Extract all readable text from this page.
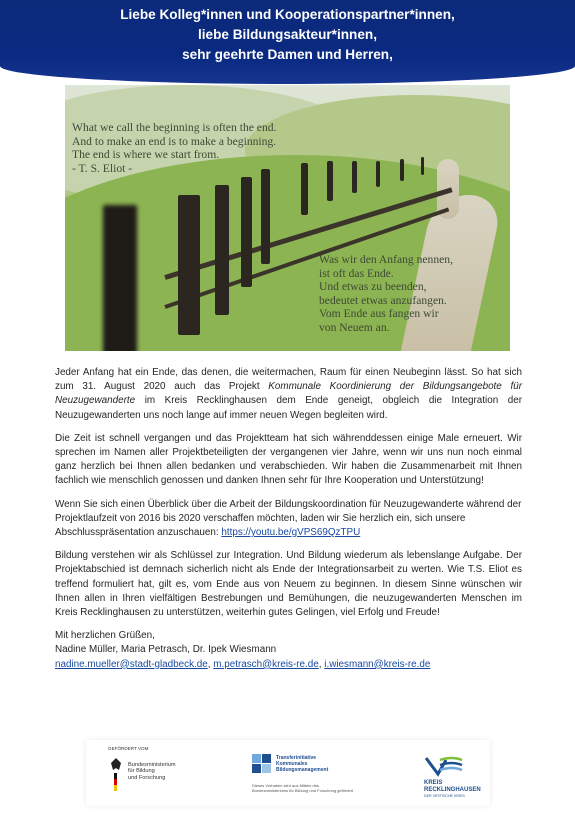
Liebe Kolleg*innen und Kooperationspartner*innen,
liebe Bildungsakteur*innen,
sehr geehrte Damen und Herren,
What we call the beginning is often the end.
And to make an end is to make a beginning.
The end is where we start from.
- T. S. Eliot -
Was wir den Anfang nennen,
ist oft das Ende.
Und etwas zu beenden,
bedeutet etwas anzufangen.
Vom Ende aus fangen wir
von Neuem an.

Jeder Anfang hat ein Ende, das denen, die weitermachen, Raum für einen Neubeginn lässt. So hat sich zum 31. August 2020 auch das Projekt Kommunale Koordinierung der Bildungsangebote für Neuzugewanderte im Kreis Recklinghausen dem Ende geneigt, obgleich die Integration der Neuzugewanderten uns noch lange auf immer neuen Wegen begleiten wird.

Die Zeit ist schnell vergangen und das Projektteam hat sich währenddessen einige Male erneuert. Wir sprechen im Namen aller Projektbeteiligten der vergangenen vier Jahre, wenn wir uns nun noch einmal ganz herzlich bei Ihnen allen bedanken und verabschieden. Wir haben die Zusammenarbeit mit Ihnen fachlich wie menschlich genossen und danken Ihnen sehr für Ihre Kooperation und Unterstützung!

Wenn Sie sich einen Überblick über die Arbeit der Bildungskoordination für Neuzugewanderte während der Projektlaufzeit von 2016 bis 2020 verschaffen möchten, laden wir Sie herzlich ein, sich unsere Abschlusspräsentation anzuschauen: https://youtu.be/gVPS69QzTPU

Bildung verstehen wir als Schlüssel zur Integration. Und Bildung wiederum als lebenslange Aufgabe. Der Projektabschied ist demnach sicherlich nicht als Ende der Integrationsarbeit zu werten. Wie T.S. Eliot es treffend formuliert hat, gilt es, vom Ende aus von Neuem zu beginnen. In diesem Sinne wünschen wir Ihnen allen in Ihren vielfältigen Bestrebungen und Bemühungen, die neuzugewanderten Menschen im Kreis Recklinghausen zu unterstützen, weiterhin gutes Gelingen, viel Erfolg und Freude!

Mit herzlichen Grüßen,
Nadine Müller, Maria Petrasch, Dr. Ipek Wiesmann
nadine.mueller@stadt-gladbeck.de, m.petrasch@kreis-re.de, i.wiesmann@kreis-re.de

GEFÖRDERT VOM
Bundesministerium
für Bildung
und Forschung
Transferinitiative
Kommunales
Bildungsmanagement
Dieses Vorhaben wird aus Mitteln des
Bundesministeriums für Bildung und Forschung gefördert
KREIS
RECKLINGHAUSEN
DER VESTISCHE KREIS
